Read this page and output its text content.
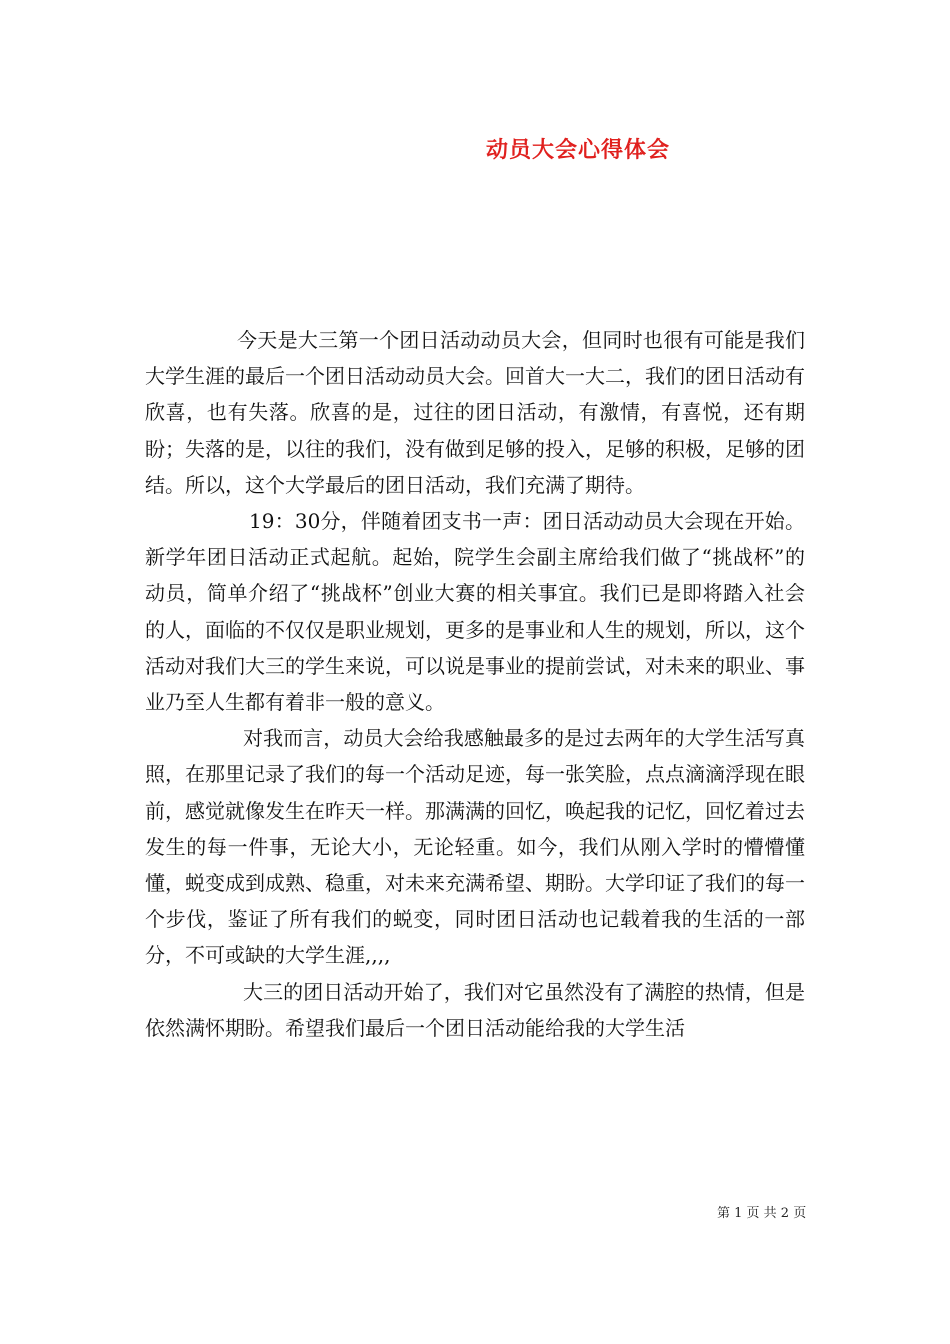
动员大会心得体会

今天是大三第一个团日活动动员大会，但同时也很有可能是我们大学生涯的最后一个团日活动动员大会。回首大一大二，我们的团日活动有欣喜，也有失落。欣喜的是，过往的团日活动，有激情，有喜悦，还有期盼；失落的是，以往的我们，没有做到足够的投入，足够的积极，足够的团结。所以，这个大学最后的团日活动，我们充满了期待。

19：30分，伴随着团支书一声：团日活动动员大会现在开始。新学年团日活动正式起航。起始，院学生会副主席给我们做了“挑战杯”的动员，简单介绍了“挑战杯”创业大赛的相关事宜。我们已是即将踏入社会的人，面临的不仅仅是职业规划，更多的是事业和人生的规划，所以，这个活动对我们大三的学生来说，可以说是事业的提前尝试，对未来的职业、事业乃至人生都有着非一般的意义。

对我而言，动员大会给我感触最多的是过去两年的大学生活写真照，在那里记录了我们的每一个活动足迹，每一张笑脸，点点滴滴浮现在眼前，感觉就像发生在昨天一样。那满满的回忆，唤起我的记忆，回忆着过去发生的每一件事，无论大小，无论轻重。如今，我们从刚入学时的懵懵懂懂，蜕变成到成熟、稳重，对未来充满希望、期盼。大学印证了我们的每一个步伐，鉴证了所有我们的蜕变，同时团日活动也记载着我的生活的一部分，不可或缺的大学生涯,,,,

大三的团日活动开始了，我们对它虽然没有了满腔的热情，但是依然满怀期盼。希望我们最后一个团日活动能给我的大学生活

第 1 页 共 2 页
